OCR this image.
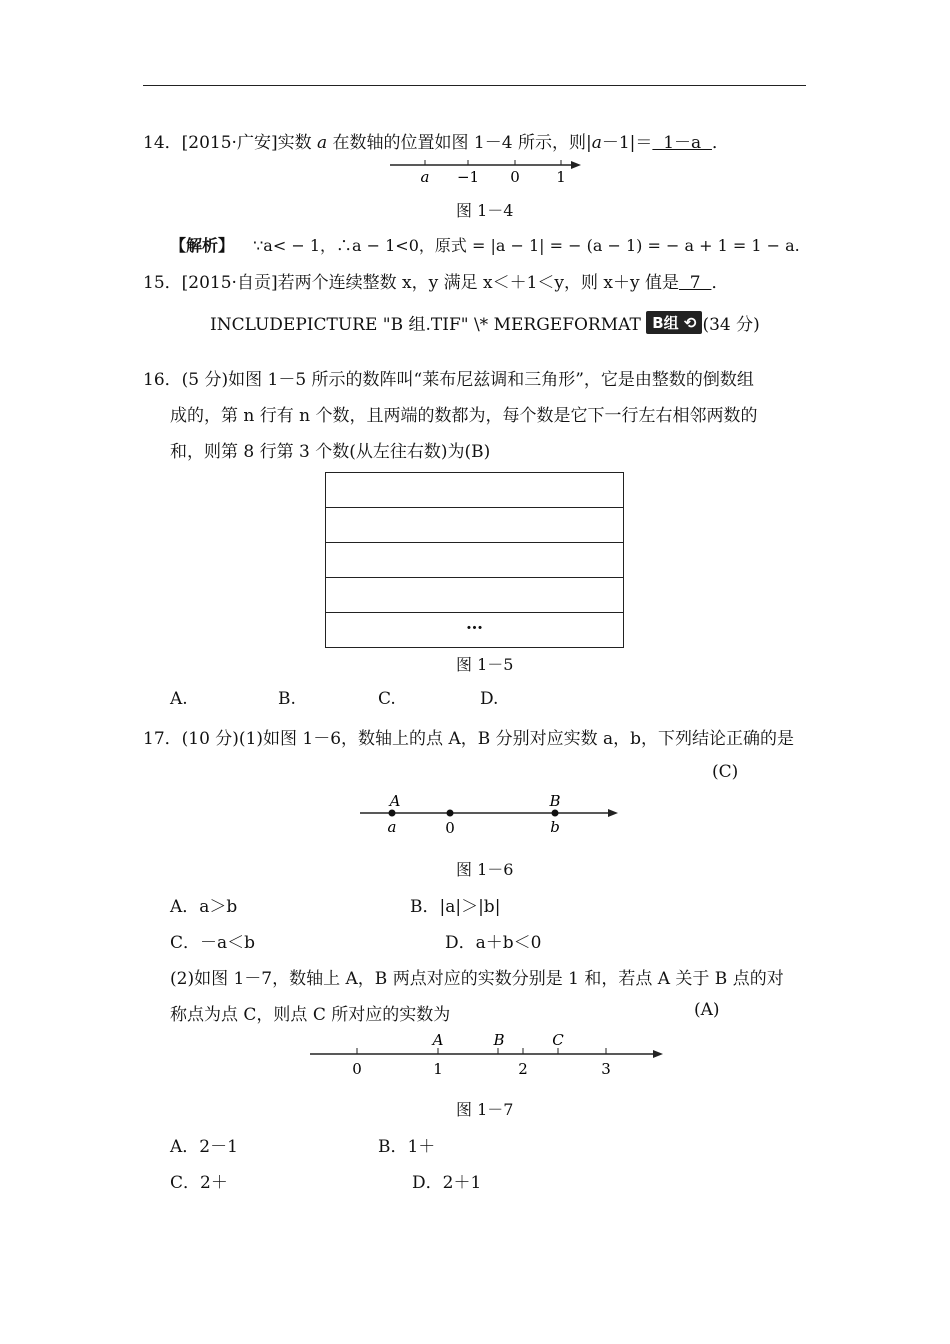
14．[2015·广安]实数 a 在数轴的位置如图 1－4 所示，则|a－1|＝  1－a  ．
a −1 0 1
图 1－4
【解析】 ∵a< − 1，∴a − 1<0，原式 = |a − 1| = − (a − 1) = − a + 1 = 1 − a.
15．[2015·自贡]若两个连续整数 x，y 满足 x＜＋1＜y，则 x＋y 值是  7  ．
INCLUDEPICTURE "B 组.TIF" \* MERGEFORMAT B组 ⟲ (34 分)
16．(5 分)如图 1－5 所示的数阵叫“莱布尼兹调和三角形”，它是由整数的倒数组
成的，第 n 行有 n 个数，且两端的数都为，每个数是它下一行左右相邻两数的
和，则第 8 行第 3 个数(从左往右数)为(B)
…
图 1－5
A.	B.	C.	D.
17．(10 分)(1)如图 1－6，数轴上的点 A，B 分别对应实数 a，b，下列结论正确的是
(C)
A
a	0
B
b
图 1－6
A．a＞b	B．|a|＞|b|
C．－a＜b	D．a＋b＜0
(2)如图 1－7，数轴上 A，B 两点对应的实数分别是 1 和，若点 A 关于 B 点的对
称点为点 C，则点 C 所对应的实数为	(A)
A	B	C
0	1	2	3
图 1－7
A．2－1	B．1＋
C．2＋	D．2＋1
